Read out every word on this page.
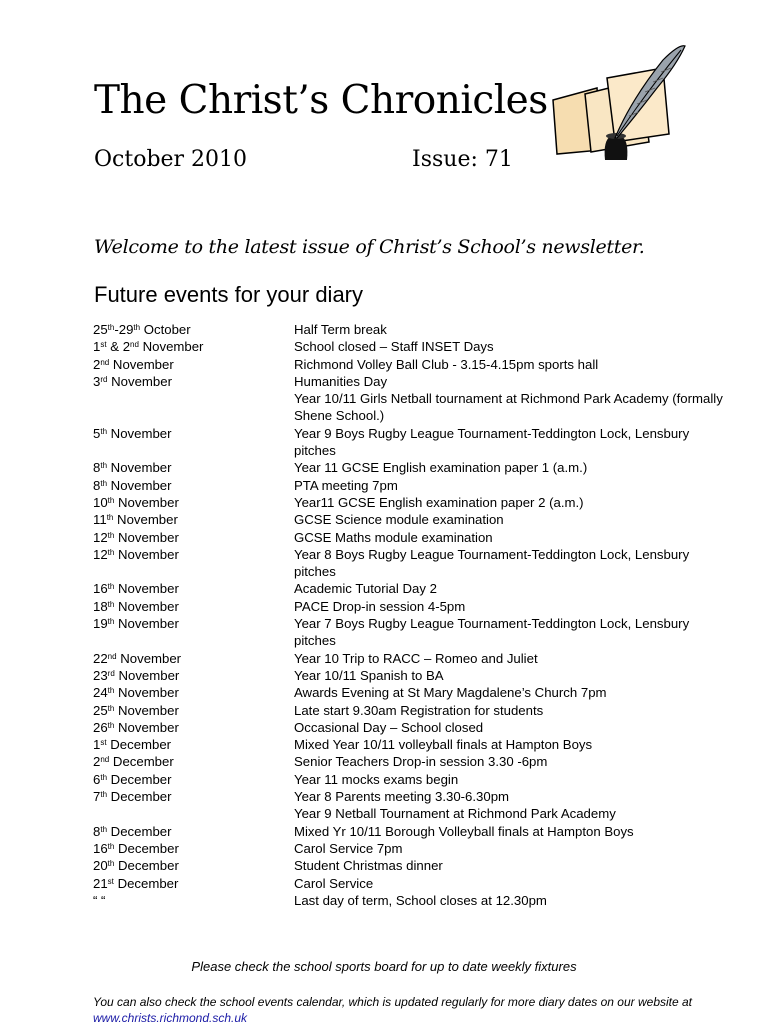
The Christ’s Chronicles
October 2010	Issue: 71
Welcome to the latest issue of Christ’s School’s newsletter.
Future events for your diary
25th-29th October	Half Term break
1st & 2nd November	School closed – Staff INSET Days
2nd November	Richmond Volley Ball Club - 3.15-4.15pm sports hall
3rd November	Humanities Day
Year 10/11 Girls Netball tournament at Richmond Park Academy (formally Shene School.)
5th November	Year 9 Boys Rugby League Tournament-Teddington Lock, Lensbury pitches
8th November	Year 11 GCSE English examination paper 1 (a.m.)
8th November	PTA meeting 7pm
10th November	Year11 GCSE English examination paper 2 (a.m.)
11th November	GCSE Science module examination
12th November	GCSE Maths module examination
12th November	Year 8 Boys Rugby League Tournament-Teddington Lock, Lensbury pitches
16th November	Academic Tutorial Day 2
18th November	PACE Drop-in session 4-5pm
19th November	Year 7 Boys Rugby League Tournament-Teddington Lock, Lensbury pitches
22nd November	Year 10 Trip to RACC – Romeo and Juliet
23rd November	Year 10/11 Spanish to BA
24th November	Awards Evening at St Mary Magdalene’s Church 7pm
25th November	Late start 9.30am Registration for students
26th November	Occasional Day – School closed
1st December	Mixed Year 10/11 volleyball finals at Hampton Boys
2nd December	Senior Teachers Drop-in session 3.30 -6pm
6th December	Year 11 mocks exams begin
7th December	Year 8 Parents meeting 3.30-6.30pm
Year 9 Netball Tournament at Richmond Park Academy
8th December	Mixed Yr 10/11 Borough Volleyball finals at Hampton Boys
16th December	Carol Service 7pm
20th December	Student Christmas dinner
21st December	Carol Service
“ “	Last day of term, School closes at 12.30pm
Please check the school sports board for up to date weekly fixtures
You can also check the school events calendar, which is updated regularly for more diary dates on our website at www.christs.richmond.sch.uk
